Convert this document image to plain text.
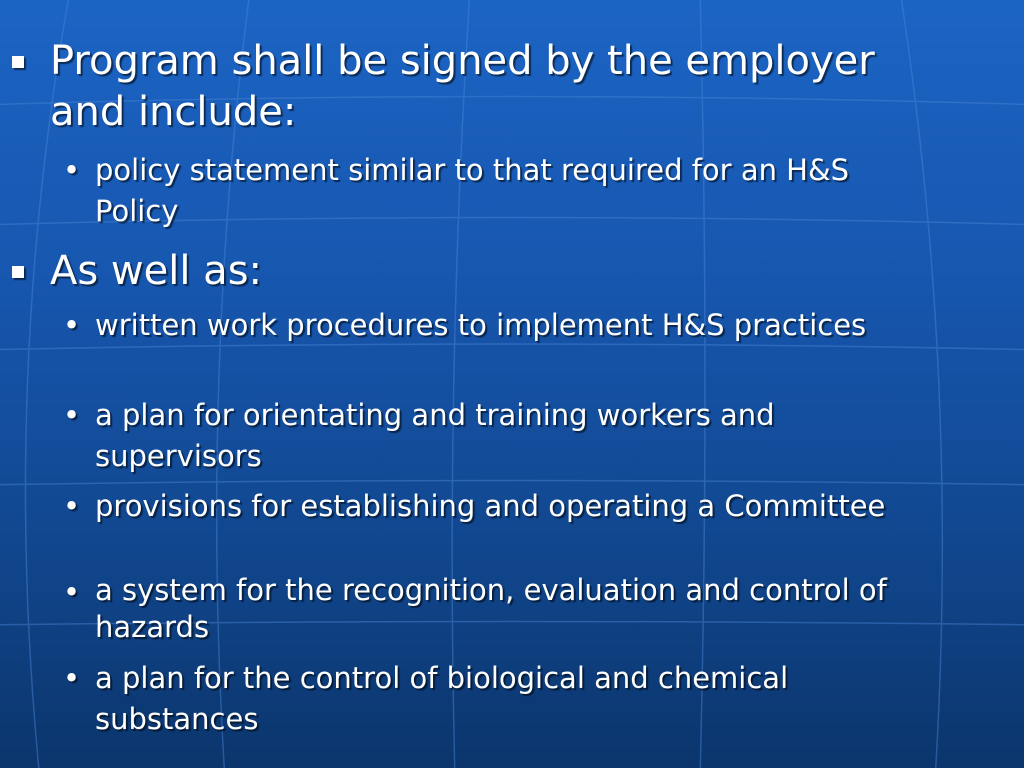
Program shall be signed by the employer and include:
• policy statement similar to that required for an H&S Policy
As well as:
• written work procedures to implement H&S practices
• a plan for orientating and training workers and supervisors
• provisions for establishing and operating a Committee
• a system for the recognition, evaluation and control of hazards
• a plan for the control of biological and chemical substances
